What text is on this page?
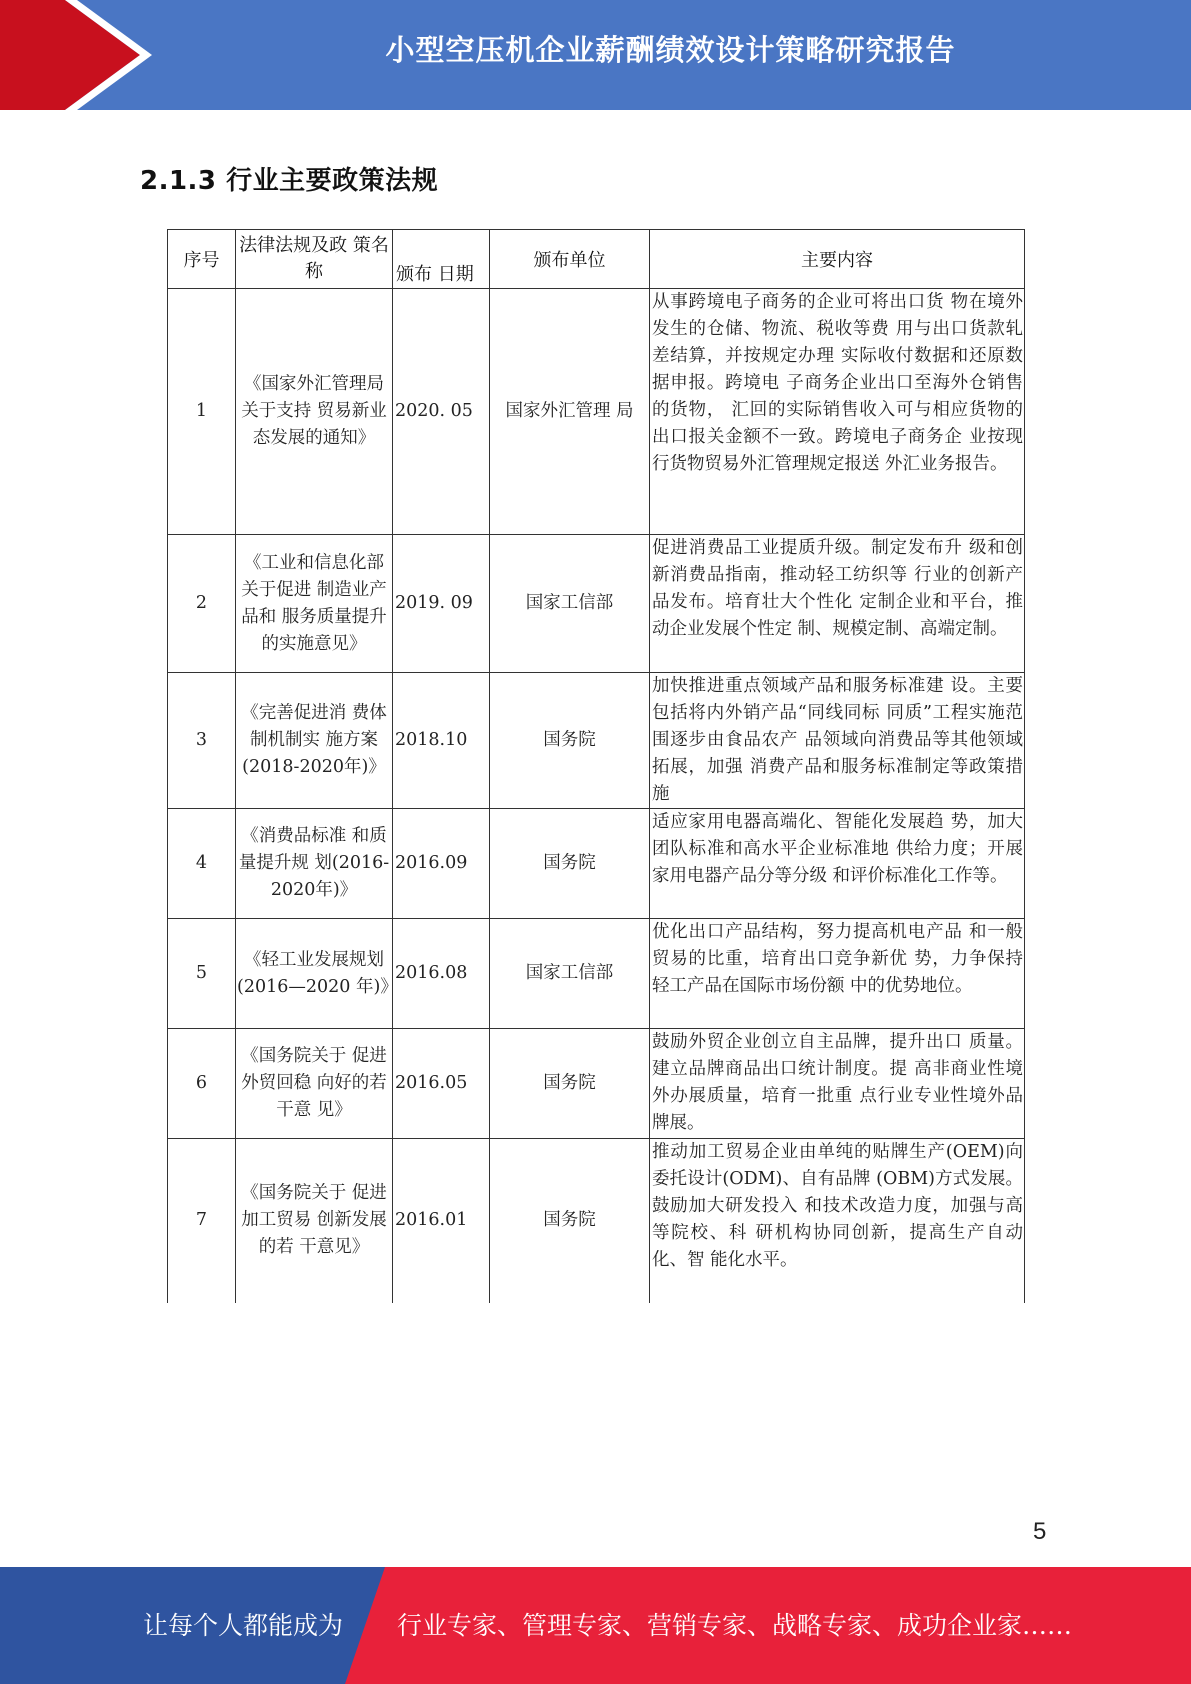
小型空压机企业薪酬绩效设计策略研究报告
2.1.3 行业主要政策法规
序号	法律法规及政 策名称	颁布 日期	颁布单位	主要内容
1	《国家外汇管理局关于支持 贸易新业态发展的通知》	2020. 05	国家外汇管理 局	从事跨境电子商务的企业可将出口货 物在境外发生的仓储、物流、税收等费 用与出口货款轧差结算，并按规定办理 实际收付数据和还原数据申报。跨境电 子商务企业出口至海外仓销售的货物， 汇回的实际销售收入可与相应货物的 出口报关金额不一致。跨境电子商务企 业按现行货物贸易外汇管理规定报送 外汇业务报告。
2	《工业和信息化部关于促进 制造业产品和 服务质量提升 的实施意见》	2019. 09	国家工信部	促进消费品工业提质升级。制定发布升 级和创新消费品指南，推动轻工纺织等 行业的创新产品发布。培育壮大个性化 定制企业和平台，推动企业发展个性定 制、规模定制、高端定制。
3	《完善促进消 费体制机制实 施方案(2018-2020年)》	2018.10	国务院	加快推进重点领域产品和服务标准建 设。主要包括将内外销产品“同线同标 同质”工程实施范围逐步由食品农产 品领域向消费品等其他领域拓展，加强 消费产品和服务标准制定等政策措施
4	《消费品标准 和质量提升规 划(2016-2020年)》	2016.09	国务院	适应家用电器高端化、智能化发展趋 势，加大团队标准和高水平企业标准地 供给力度；开展家用电器产品分等分级 和评价标准化工作等。
5	《轻工业发展规划(2016—2020 年)》	2016.08	国家工信部	优化出口产品结构，努力提高机电产品 和一般贸易的比重，培育出口竞争新优 势，力争保持轻工产品在国际市场份额 中的优势地位。
6	《国务院关于 促进外贸回稳 向好的若干意 见》	2016.05	国务院	鼓励外贸企业创立自主品牌，提升出口 质量。建立品牌商品出口统计制度。提 高非商业性境外办展质量，培育一批重 点行业专业性境外品牌展。
7	《国务院关于 促进加工贸易 创新发展的若 干意见》	2016.01	国务院	推动加工贸易企业由单纯的贴牌生产(OEM)向委托设计(ODM)、自有品牌 (OBM)方式发展。鼓励加大研发投入 和技术改造力度，加强与高等院校、科 研机构协同创新，提高生产自动化、智 能化水平。
5
让每个人都能成为 行业专家、管理专家、营销专家、战略专家、成功企业家……
